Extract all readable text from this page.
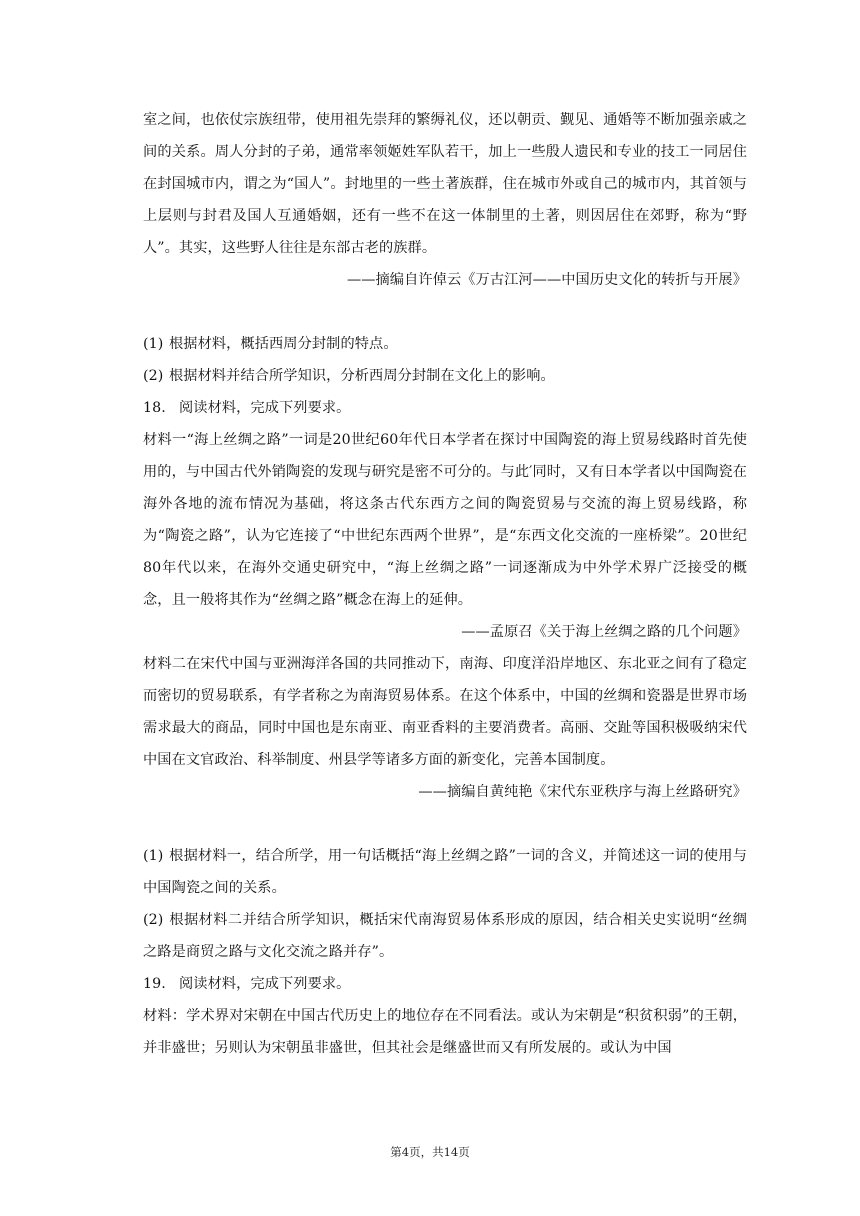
室之间，也依仗宗族纽带，使用祖先崇拜的繁缛礼仪，还以朝贡、觐见、通婚等不断加强亲戚之间的关系。周人分封的子弟，通常率领姬姓军队若干，加上一些殷人遗民和专业的技工一同居住在封国城市内，谓之为“国人”。封地里的一些土著族群，住在城市外或自己的城市内，其首领与上层则与封君及国人互通婚姻，还有一些不在这一体制里的土著，则因居住在郊野，称为“野人”。其实，这些野人往往是东部古老的族群。

——摘编自许倬云《万古江河——中国历史文化的转折与开展》

(1) 根据材料，概括西周分封制的特点。

(2) 根据材料并结合所学知识，分析西周分封制在文化上的影响。

18. 阅读材料，完成下列要求。

材料一“海上丝绸之路”一词是20世纪60年代日本学者在探讨中国陶瓷的海上贸易线路时首先使用的，与中国古代外销陶瓷的发现与研究是密不可分的。与此′同时，又有日本学者以中国陶瓷在海外各地的流布情况为基础，将这条古代东西方之间的陶瓷贸易与交流的海上贸易线路，称为“陶瓷之路”，认为它连接了“中世纪东西两个世界”，是“东西文化交流的一座桥梁”。20世纪80年代以来，在海外交通史研究中，“海上丝绸之路”一词逐渐成为中外学术界广泛接受的概念，且一般将其作为“丝绸之路”概念在海上的延伸。

——孟原召《关于海上丝绸之路的几个问题》

材料二在宋代中国与亚洲海洋各国的共同推动下，南海、印度洋沿岸地区、东北亚之间有了稳定而密切的贸易联系，有学者称之为南海贸易体系。在这个体系中，中国的丝绸和瓷器是世界市场需求最大的商品，同时中国也是东南亚、南亚香料的主要消费者。高丽、交趾等国积极吸纳宋代中国在文官政治、科举制度、州县学等诸多方面的新变化，完善本国制度。

——摘编自黄纯艳《宋代东亚秩序与海上丝路研究》

(1) 根据材料一，结合所学，用一句话概括“海上丝绸之路”一词的含义，并简述这一词的使用与中国陶瓷之间的关系。

(2) 根据材料二并结合所学知识，概括宋代南海贸易体系形成的原因，结合相关史实说明“丝绸之路是商贸之路与文化交流之路并存”。

19. 阅读材料，完成下列要求。

材料：学术界对宋朝在中国古代历史上的地位存在不同看法。或认为宋朝是“积贫积弱”的王朝，并非盛世；另则认为宋朝虽非盛世，但其社会是继盛世而又有所发展的。或认为中国

第4页，共14页
